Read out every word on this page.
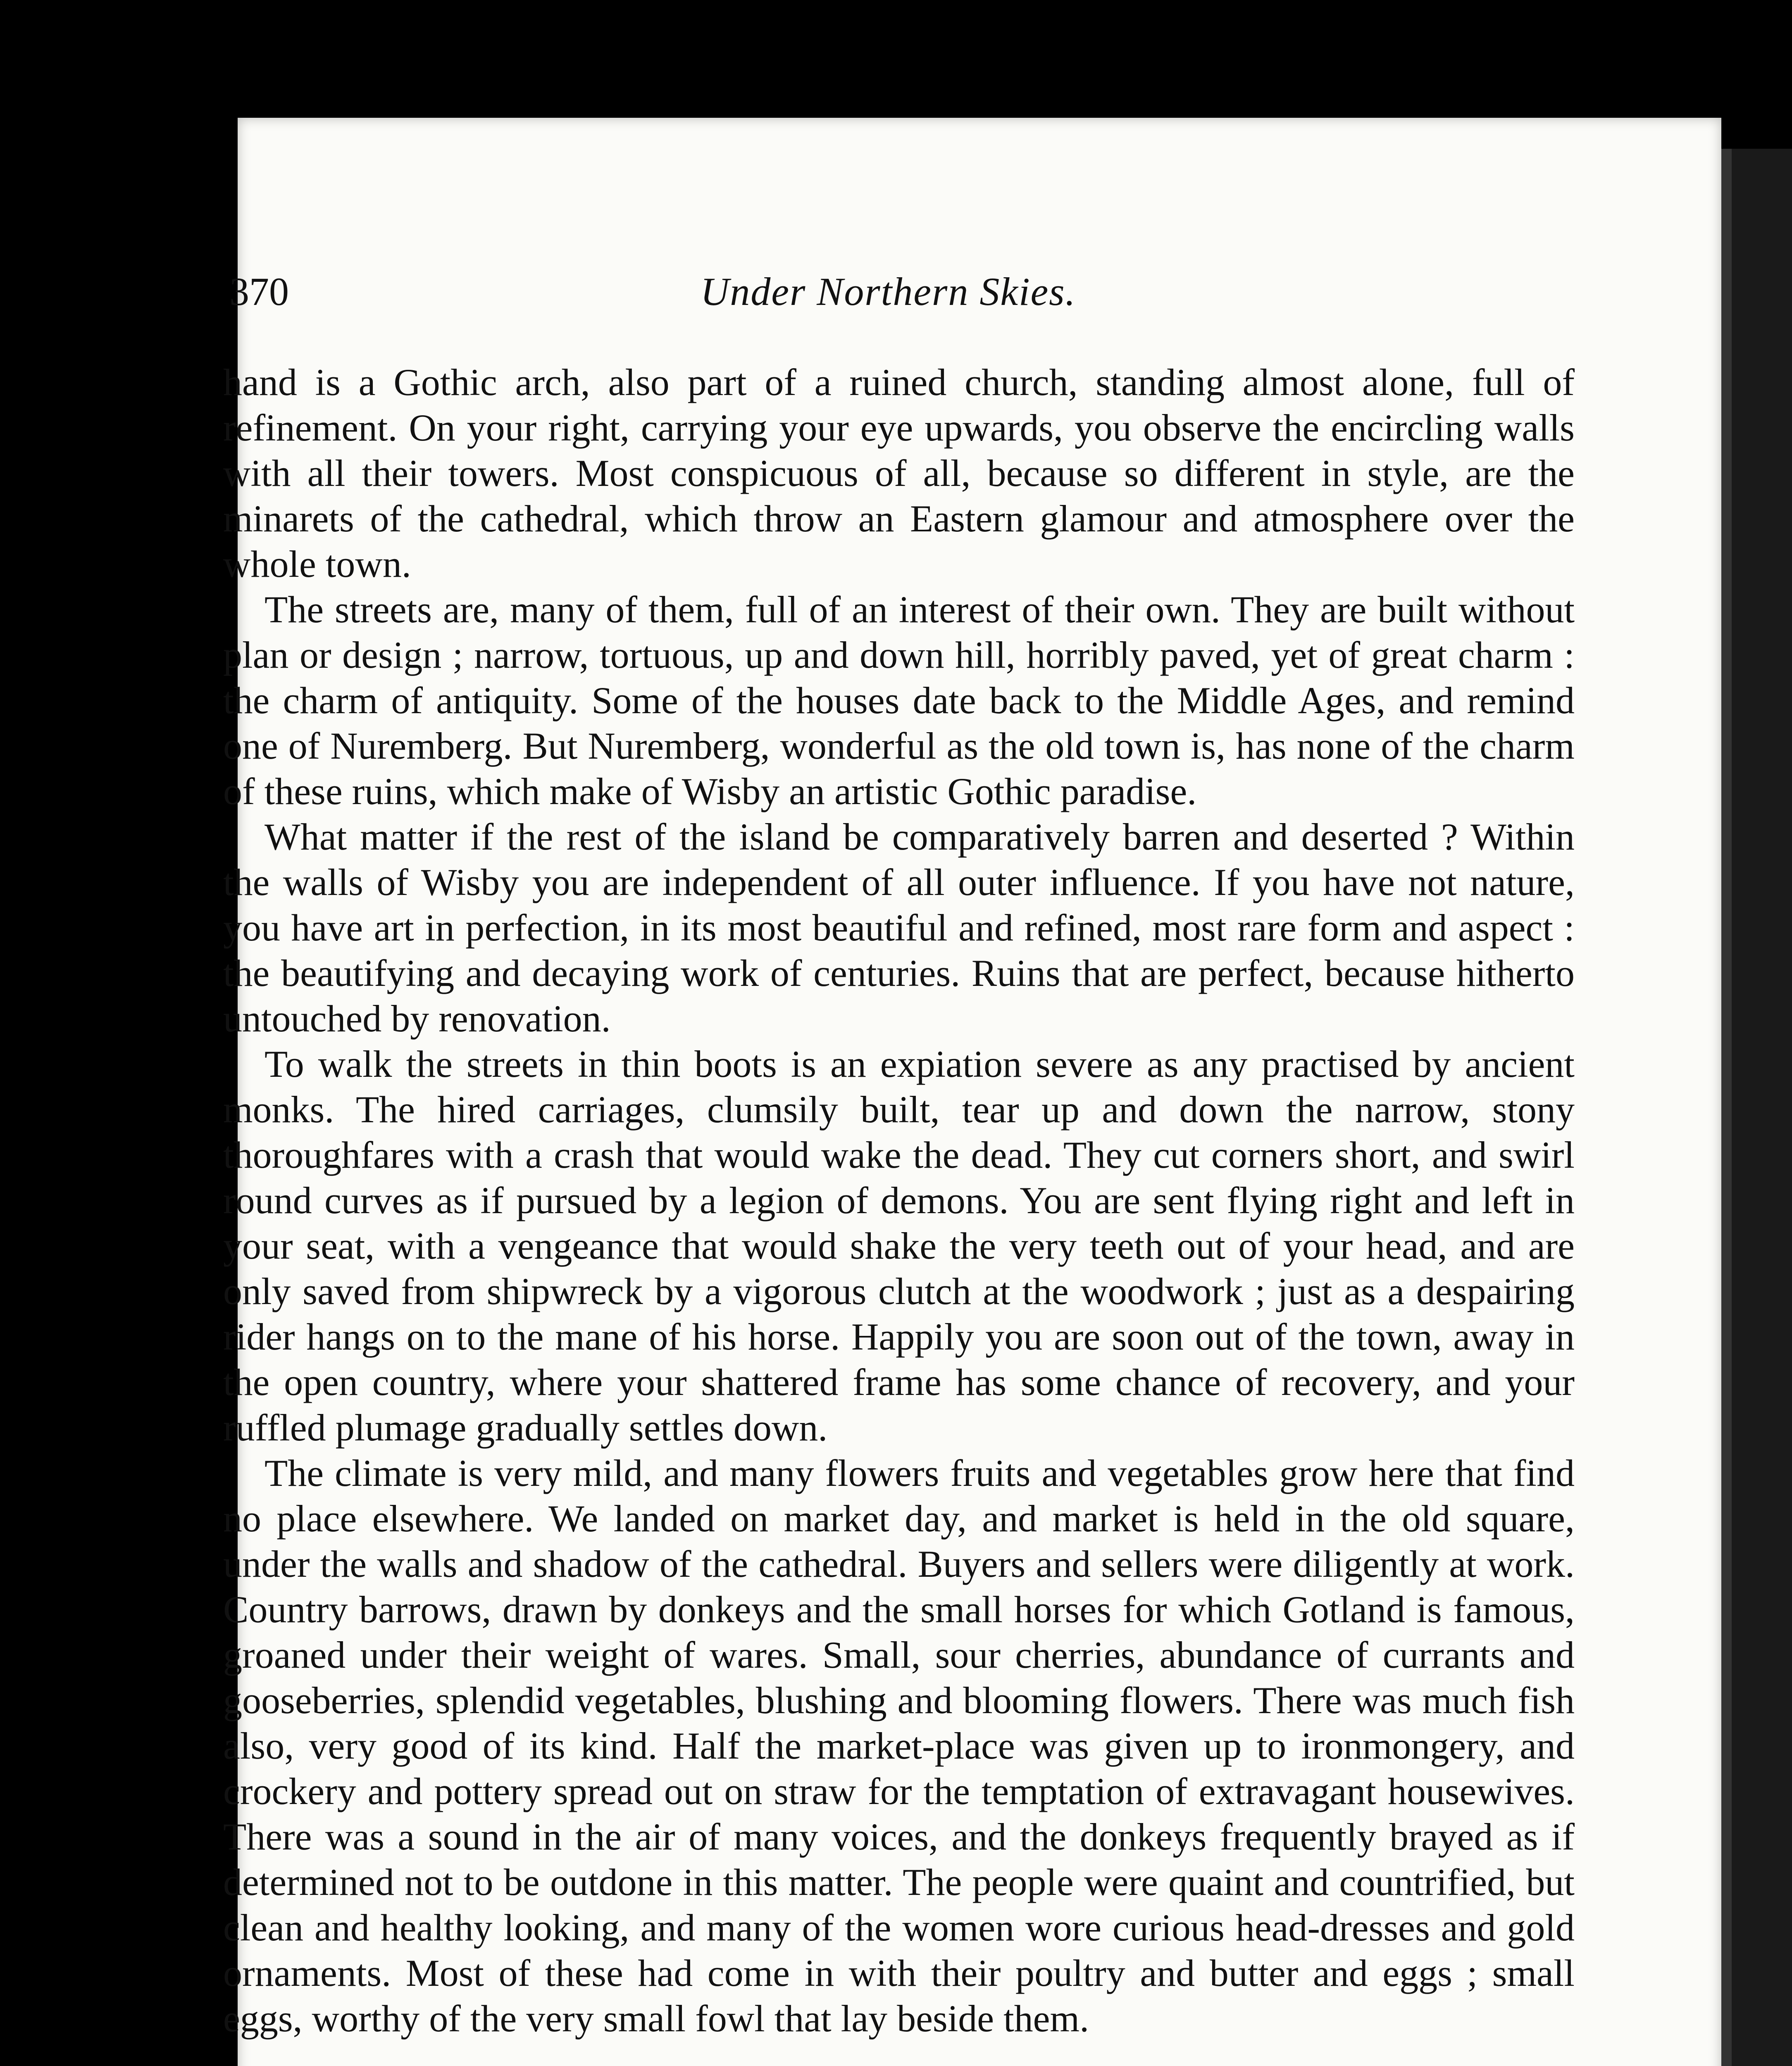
370	Under Northern Skies.

hand is a Gothic arch, also part of a ruined church, standing almost alone, full of refinement. On your right, carrying your eye upwards, you observe the encircling walls with all their towers. Most conspicuous of all, because so different in style, are the minarets of the cathedral, which throw an Eastern glamour and atmosphere over the whole town.

The streets are, many of them, full of an interest of their own. They are built without plan or design ; narrow, tortuous, up and down hill, horribly paved, yet of great charm : the charm of antiquity. Some of the houses date back to the Middle Ages, and remind one of Nuremberg. But Nuremberg, wonderful as the old town is, has none of the charm of these ruins, which make of Wisby an artistic Gothic paradise.

What matter if the rest of the island be comparatively barren and deserted ? Within the walls of Wisby you are independent of all outer influence. If you have not nature, you have art in perfection, in its most beautiful and refined, most rare form and aspect : the beautifying and decaying work of centuries. Ruins that are perfect, because hitherto untouched by renovation.

To walk the streets in thin boots is an expiation severe as any practised by ancient monks. The hired carriages, clumsily built, tear up and down the narrow, stony thoroughfares with a crash that would wake the dead. They cut corners short, and swirl round curves as if pursued by a legion of demons. You are sent flying right and left in your seat, with a vengeance that would shake the very teeth out of your head, and are only saved from shipwreck by a vigorous clutch at the woodwork ; just as a despairing rider hangs on to the mane of his horse. Happily you are soon out of the town, away in the open country, where your shattered frame has some chance of recovery, and your ruffled plumage gradually settles down.

The climate is very mild, and many flowers fruits and vegetables grow here that find no place elsewhere. We landed on market day, and market is held in the old square, under the walls and shadow of the cathedral. Buyers and sellers were diligently at work. Country barrows, drawn by donkeys and the small horses for which Gotland is famous, groaned under their weight of wares. Small, sour cherries, abundance of currants and gooseberries, splendid vegetables, blushing and blooming flowers. There was much fish also, very good of its kind. Half the market-place was given up to ironmongery, and crockery and pottery spread out on straw for the temptation of extravagant housewives. There was a sound in the air of many voices, and the donkeys frequently brayed as if determined not to be outdone in this matter. The people were quaint and countrified, but clean and healthy looking, and many of the women wore curious head-dresses and gold ornaments. Most of these had come in with their poultry and butter and eggs ; small eggs, worthy of the very small fowl that lay beside them.
